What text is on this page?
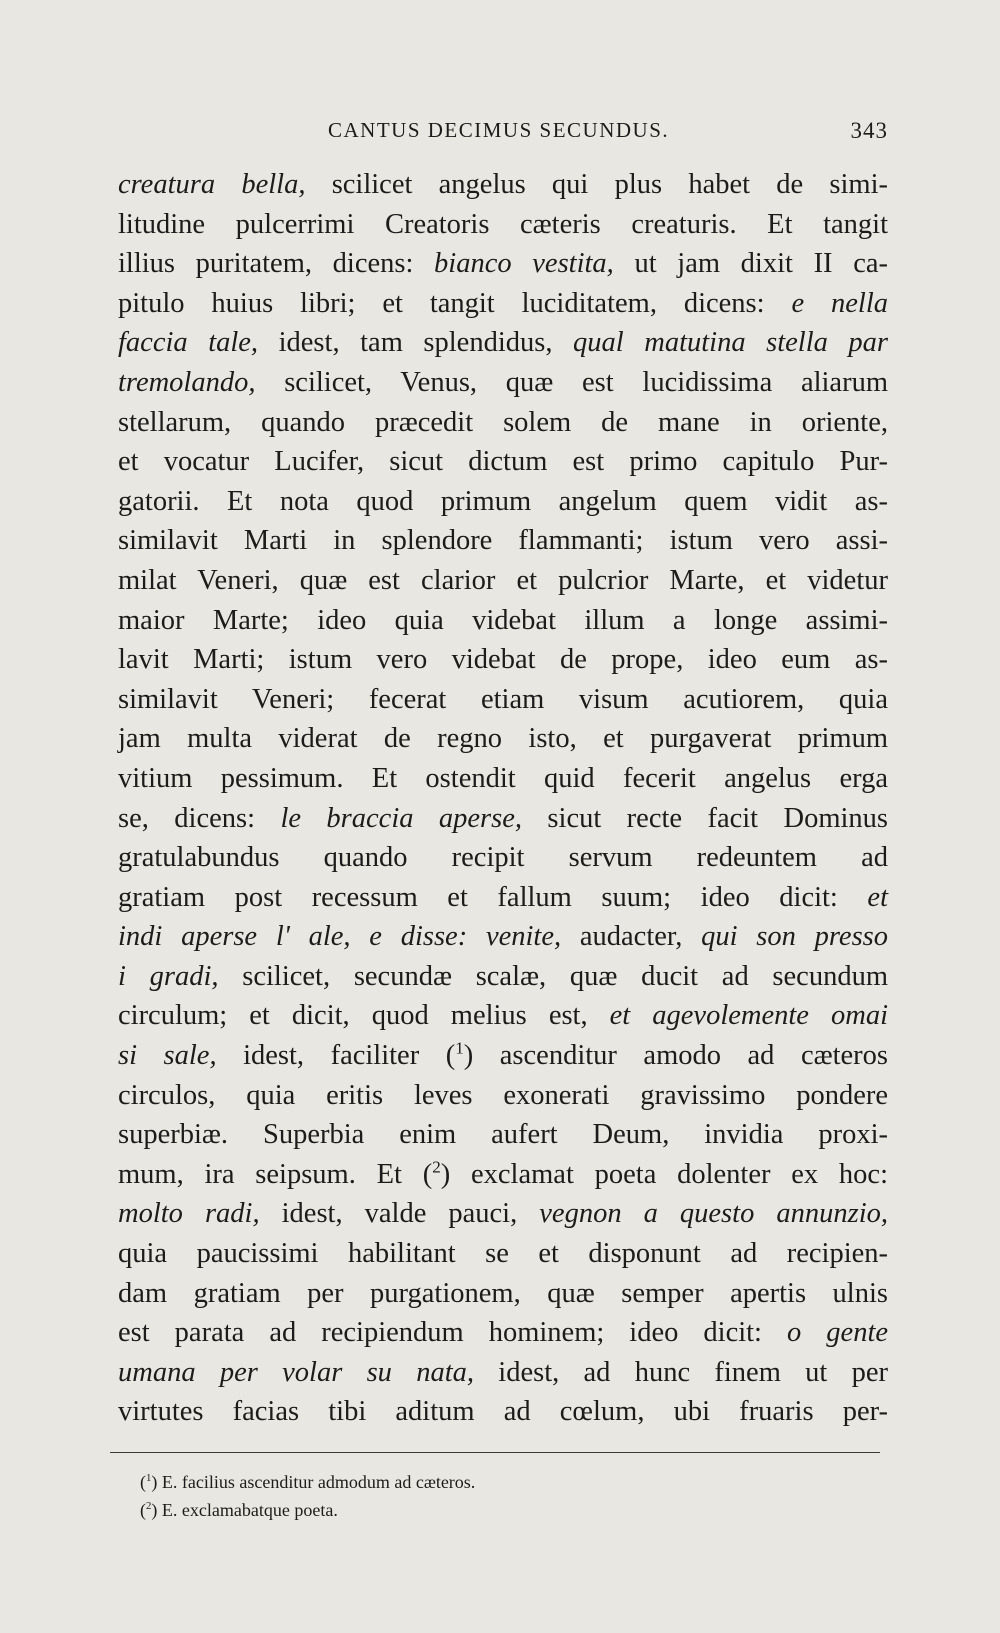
CANTUS DECIMUS SECUNDUS.	343
creatura bella, scilicet angelus qui plus habet de simi-
litudine pulcerrimi Creatoris cæteris creaturis. Et tangit
illius puritatem, dicens: bianco vestita, ut jam dixit II ca-
pitulo huius libri; et tangit luciditatem, dicens: e nella
faccia tale, idest, tam splendidus, qual matutina stella par
tremolando, scilicet, Venus, quæ est lucidissima aliarum
stellarum, quando præcedit solem de mane in oriente,
et vocatur Lucifer, sicut dictum est primo capitulo Pur-
gatorii. Et nota quod primum angelum quem vidit as-
similavit Marti in splendore flammanti; istum vero assi-
milat Veneri, quæ est clarior et pulcrior Marte, et videtur
maior Marte; ideo quia videbat illum a longe assimi-
lavit Marti; istum vero videbat de prope, ideo eum as-
similavit Veneri; fecerat etiam visum acutiorem, quia
jam multa viderat de regno isto, et purgaverat primum
vitium pessimum. Et ostendit quid fecerit angelus erga
se, dicens: le braccia aperse, sicut recte facit Dominus
gratulabundus quando recipit servum redeuntem ad
gratiam post recessum et fallum suum; ideo dicit: et
indi aperse l' ale, e disse: venite, audacter, qui son presso
i gradi, scilicet, secundæ scalæ, quæ ducit ad secundum
circulum; et dicit, quod melius est, et agevolemente omai
si sale, idest, faciliter ($^1$) ascenditur amodo ad cæteros
circulos, quia eritis leves exonerati gravissimo pondere
superbiæ. Superbia enim aufert Deum, invidia proxi-
mum, ira seipsum. Et ($^2$) exclamat poeta dolenter ex hoc:
molto radi, idest, valde pauci, vegnon a questo annunzio,
quia paucissimi habilitant se et disponunt ad recipien-
dam gratiam per purgationem, quæ semper apertis ulnis
est parata ad recipiendum hominem; ideo dicit: o gente
umana per volar su nata, idest, ad hunc finem ut per
virtutes facias tibi aditum ad cœlum, ubi fruaris per-
($^1$) E. facilius ascenditur admodum ad cæteros.
($^2$) E. exclamabatque poeta.
